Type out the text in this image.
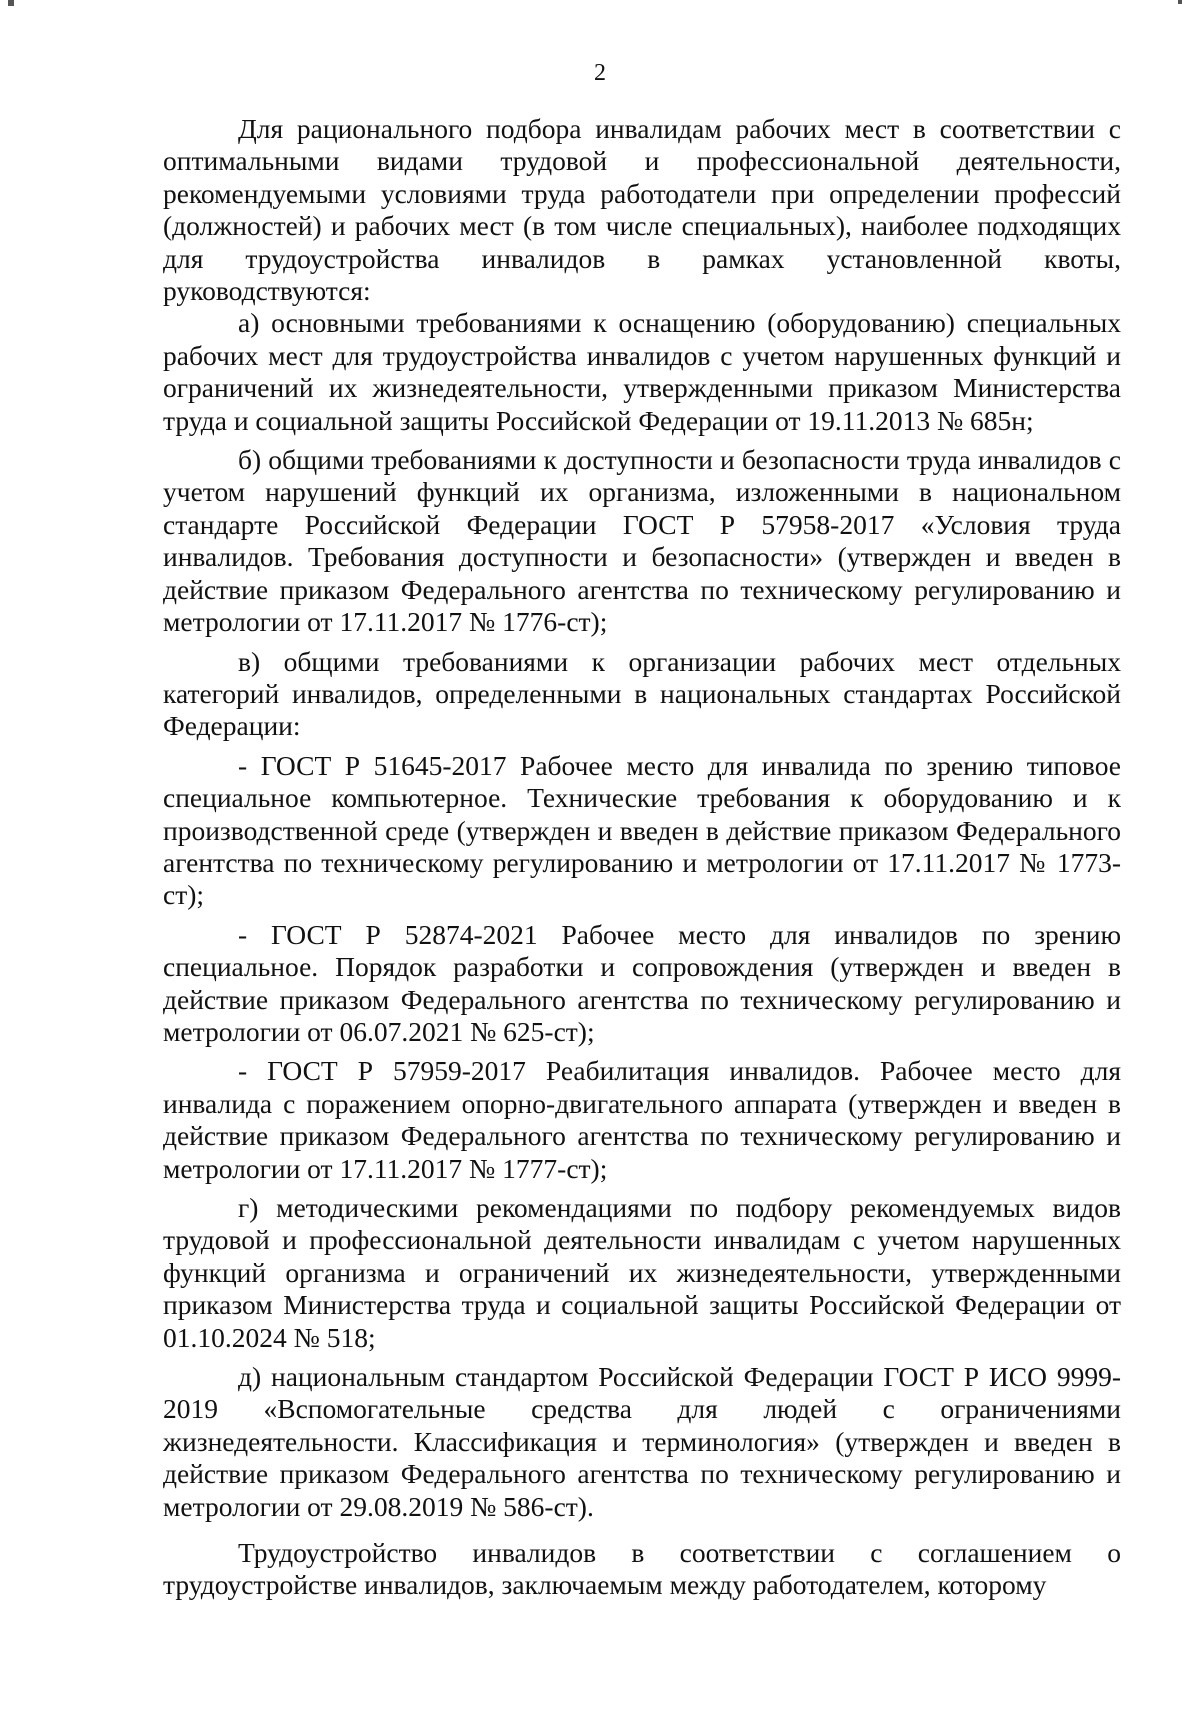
2

Для рационального подбора инвалидам рабочих мест в соответствии с оптимальными видами трудовой и профессиональной деятельности, рекомендуемыми условиями труда работодатели при определении профессий (должностей) и рабочих мест (в том числе специальных), наиболее подходящих для трудоустройства инвалидов в рамках установленной квоты, руководствуются:

а) основными требованиями к оснащению (оборудованию) специальных рабочих мест для трудоустройства инвалидов с учетом нарушенных функций и ограничений их жизнедеятельности, утвержденными приказом Министерства труда и социальной защиты Российской Федерации от 19.11.2013 № 685н;

б) общими требованиями к доступности и безопасности труда инвалидов с учетом нарушений функций их организма, изложенными в национальном стандарте Российской Федерации ГОСТ Р 57958-2017 «Условия труда инвалидов. Требования доступности и безопасности» (утвержден и введен в действие приказом Федерального агентства по техническому регулированию и метрологии от 17.11.2017 № 1776-ст);

в) общими требованиями к организации рабочих мест отдельных категорий инвалидов, определенными в национальных стандартах Российской Федерации:

- ГОСТ Р 51645-2017 Рабочее место для инвалида по зрению типовое специальное компьютерное. Технические требования к оборудованию и к производственной среде (утвержден и введен в действие приказом Федерального агентства по техническому регулированию и метрологии от 17.11.2017 № 1773-ст);

- ГОСТ Р 52874-2021 Рабочее место для инвалидов по зрению специальное. Порядок разработки и сопровождения (утвержден и введен в действие приказом Федерального агентства по техническому регулированию и метрологии от 06.07.2021 № 625-ст);

- ГОСТ Р 57959-2017 Реабилитация инвалидов. Рабочее место для инвалида с поражением опорно-двигательного аппарата (утвержден и введен в действие приказом Федерального агентства по техническому регулированию и метрологии от 17.11.2017 № 1777-ст);

г) методическими рекомендациями по подбору рекомендуемых видов трудовой и профессиональной деятельности инвалидам с учетом нарушенных функций организма и ограничений их жизнедеятельности, утвержденными приказом Министерства труда и социальной защиты Российской Федерации от 01.10.2024 № 518;

д) национальным стандартом Российской Федерации ГОСТ Р ИСО 9999-2019 «Вспомогательные средства для людей с ограничениями жизнедеятельности. Классификация и терминология» (утвержден и введен в действие приказом Федерального агентства по техническому регулированию и метрологии от 29.08.2019 № 586-ст).

Трудоустройство инвалидов в соответствии с соглашением о трудоустройстве инвалидов, заключаемым между работодателем, которому
